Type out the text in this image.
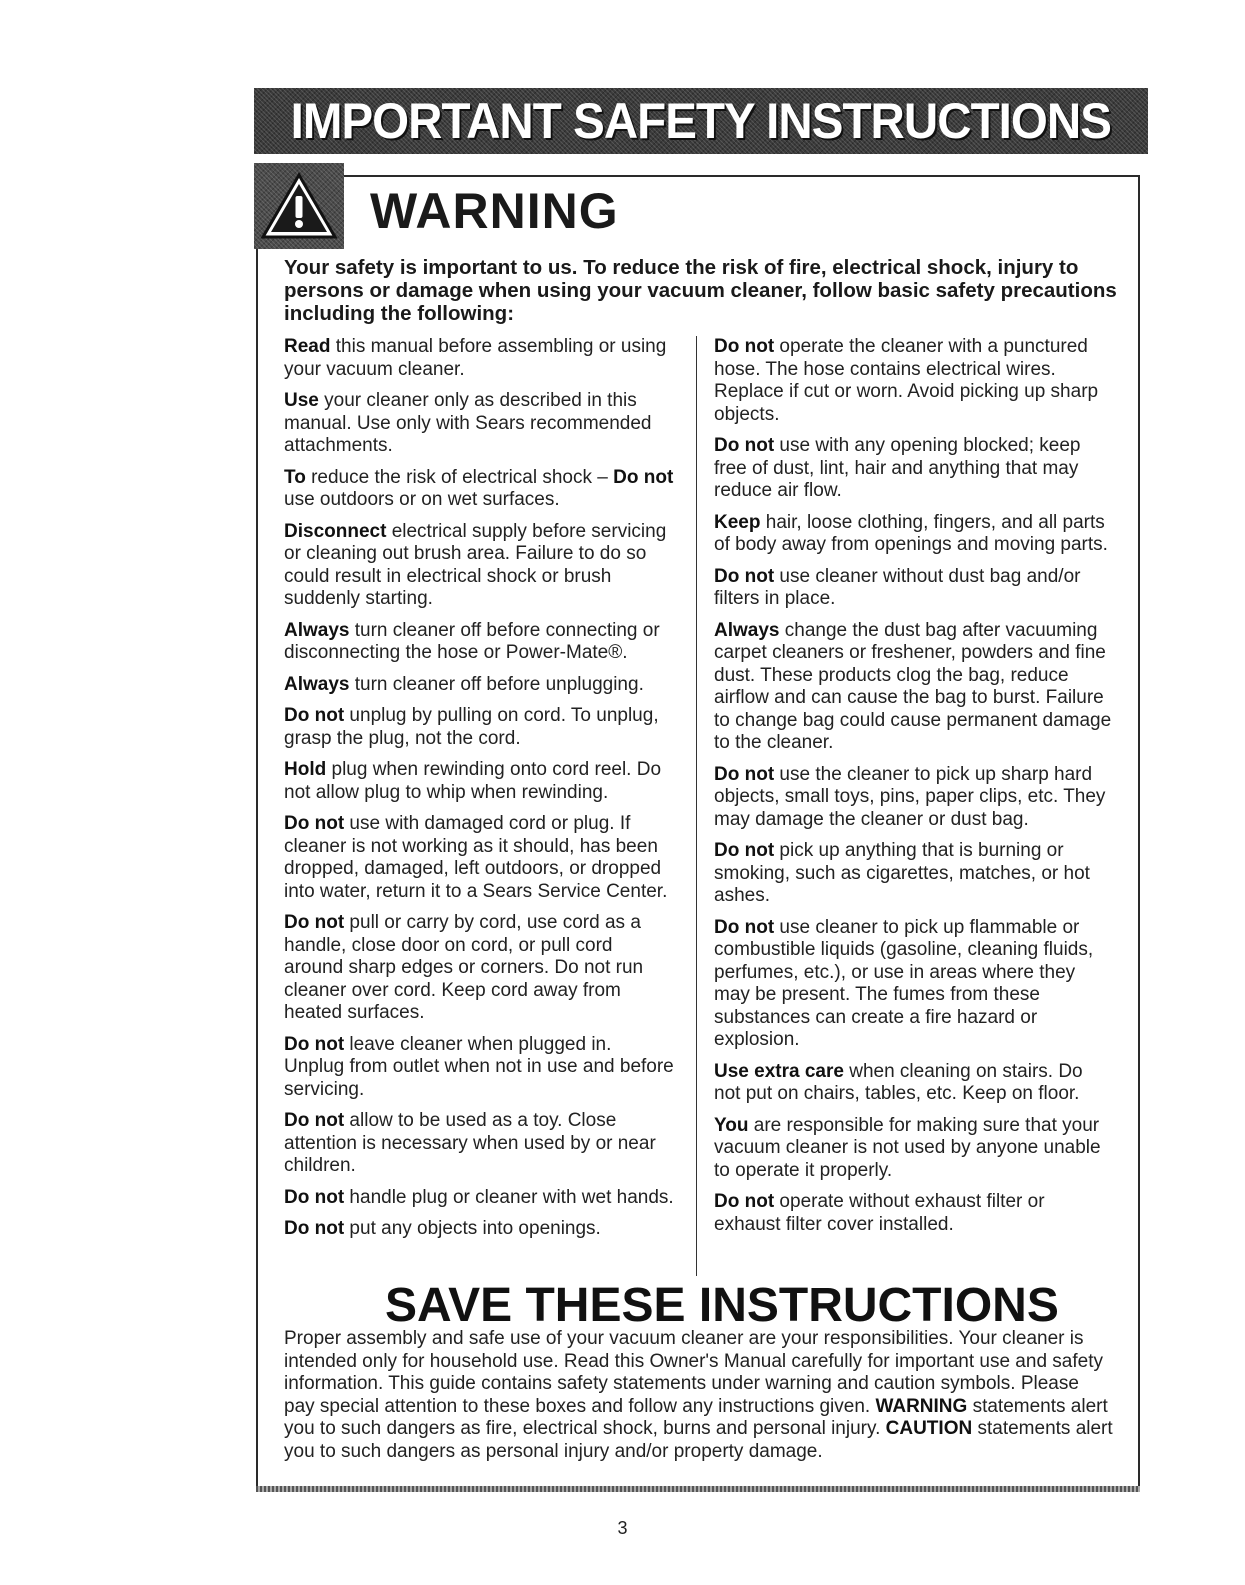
IMPORTANT SAFETY INSTRUCTIONS
WARNING
Your safety is important to us. To reduce the risk of fire, electrical shock, injury to persons or damage when using your vacuum cleaner, follow basic safety precautions including the following:

Read this manual before assembling or using your vacuum cleaner.

Use your cleaner only as described in this manual. Use only with Sears recommended attachments.

To reduce the risk of electrical shock – Do not use outdoors or on wet surfaces.

Disconnect electrical supply before servicing or cleaning out brush area. Failure to do so could result in electrical shock or brush suddenly starting.

Always turn cleaner off before connecting or disconnecting the hose or Power-Mate®.

Always turn cleaner off before unplugging.

Do not unplug by pulling on cord. To unplug, grasp the plug, not the cord.

Hold plug when rewinding onto cord reel. Do not allow plug to whip when rewinding.

Do not use with damaged cord or plug. If cleaner is not working as it should, has been dropped, damaged, left outdoors, or dropped into water, return it to a Sears Service Center.

Do not pull or carry by cord, use cord as a handle, close door on cord, or pull cord around sharp edges or corners. Do not run cleaner over cord. Keep cord away from heated surfaces.

Do not leave cleaner when plugged in. Unplug from outlet when not in use and before servicing.

Do not allow to be used as a toy. Close attention is necessary when used by or near children.

Do not handle plug or cleaner with wet hands.

Do not put any objects into openings.

Do not operate the cleaner with a punctured hose. The hose contains electrical wires. Replace if cut or worn. Avoid picking up sharp objects.

Do not use with any opening blocked; keep free of dust, lint, hair and anything that may reduce air flow.

Keep hair, loose clothing, fingers, and all parts of body away from openings and moving parts.

Do not use cleaner without dust bag and/or filters in place.

Always change the dust bag after vacuuming carpet cleaners or freshener, powders and fine dust. These products clog the bag, reduce airflow and can cause the bag to burst. Failure to change bag could cause permanent damage to the cleaner.

Do not use the cleaner to pick up sharp hard objects, small toys, pins, paper clips, etc. They may damage the cleaner or dust bag.

Do not pick up anything that is burning or smoking, such as cigarettes, matches, or hot ashes.

Do not use cleaner to pick up flammable or combustible liquids (gasoline, cleaning fluids, perfumes, etc.), or use in areas where they may be present. The fumes from these substances can create a fire hazard or explosion.

Use extra care when cleaning on stairs. Do not put on chairs, tables, etc. Keep on floor.

You are responsible for making sure that your vacuum cleaner is not used by anyone unable to operate it properly.

Do not operate without exhaust filter or exhaust filter cover installed.

SAVE THESE INSTRUCTIONS
Proper assembly and safe use of your vacuum cleaner are your responsibilities. Your cleaner is intended only for household use. Read this Owner's Manual carefully for important use and safety information. This guide contains safety statements under warning and caution symbols. Please pay special attention to these boxes and follow any instructions given. WARNING statements alert you to such dangers as fire, electrical shock, burns and personal injury. CAUTION statements alert you to such dangers as personal injury and/or property damage.
3
